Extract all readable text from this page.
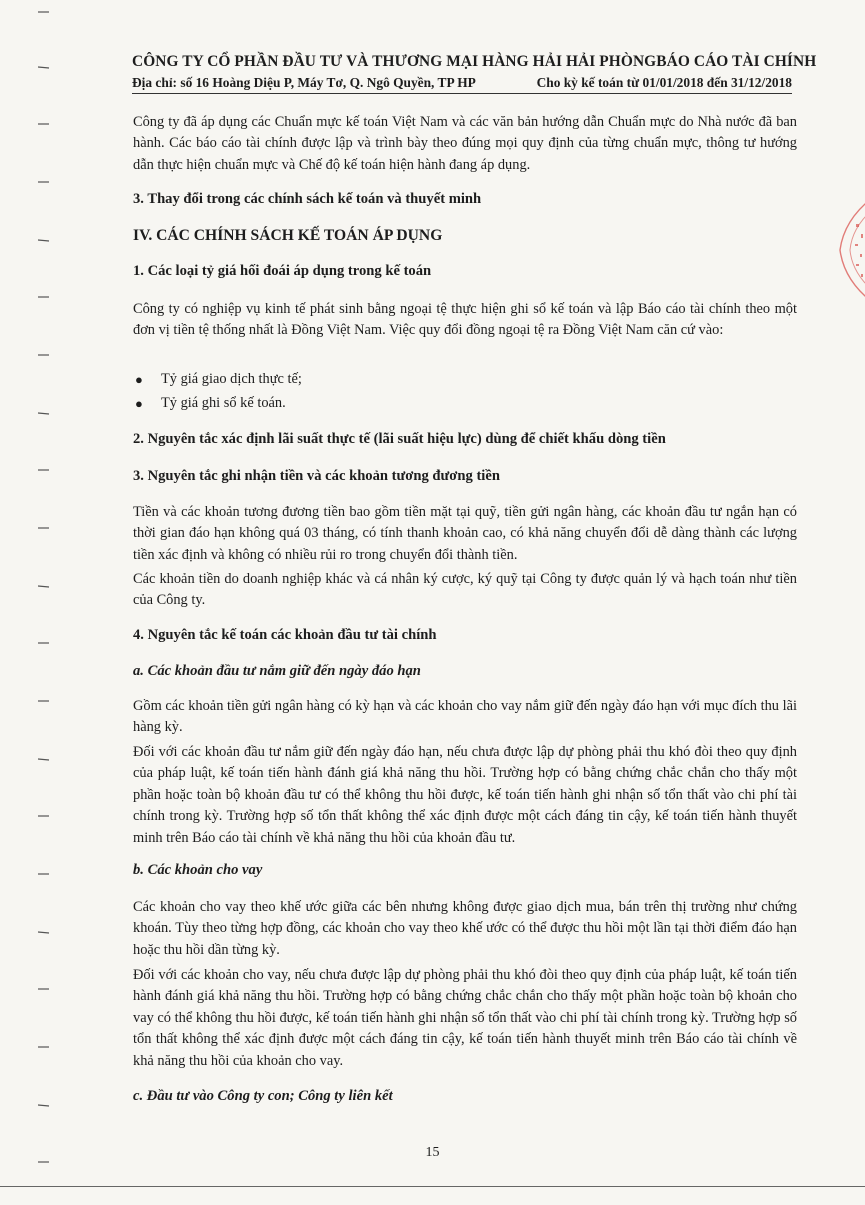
CÔNG TY CỔ PHẦN ĐẦU TƯ VÀ THƯƠNG MẠI HÀNG HẢI HẢI PHÒNG BÁO CÁO TÀI CHÍNH
Địa chỉ: số 16 Hoàng Diệu P, Máy Tơ, Q. Ngô Quyền, TP HP	Cho kỳ kế toán từ 01/01/2018 đến 31/12/2018

Công ty đã áp dụng các Chuẩn mực kế toán Việt Nam và các văn bản hướng dẫn Chuẩn mực do Nhà nước đã ban hành. Các báo cáo tài chính được lập và trình bày theo đúng mọi quy định của từng chuẩn mực, thông tư hướng dẫn thực hiện chuẩn mực và Chế độ kế toán hiện hành đang áp dụng.

3. Thay đổi trong các chính sách kế toán và thuyết minh
IV. CÁC CHÍNH SÁCH KẾ TOÁN ÁP DỤNG
1. Các loại tỷ giá hối đoái áp dụng trong kế toán

Công ty có nghiệp vụ kinh tế phát sinh bằng ngoại tệ thực hiện ghi sổ kế toán và lập Báo cáo tài chính theo một đơn vị tiền tệ thống nhất là Đồng Việt Nam. Việc quy đổi đồng ngoại tệ ra Đồng Việt Nam căn cứ vào:

● Tỷ giá giao dịch thực tế;
● Tỷ giá ghi sổ kế toán.
2. Nguyên tắc xác định lãi suất thực tế (lãi suất hiệu lực) dùng để chiết khấu dòng tiền
3. Nguyên tắc ghi nhận tiền và các khoản tương đương tiền

Tiền và các khoản tương đương tiền bao gồm tiền mặt tại quỹ, tiền gửi ngân hàng, các khoản đầu tư ngắn hạn có thời gian đáo hạn không quá 03 tháng, có tính thanh khoản cao, có khả năng chuyển đổi dễ dàng thành các lượng tiền xác định và không có nhiều rủi ro trong chuyển đổi thành tiền.

Các khoản tiền do doanh nghiệp khác và cá nhân ký cược, ký quỹ tại Công ty được quản lý và hạch toán như tiền của Công ty.

4. Nguyên tắc kế toán các khoản đầu tư tài chính
a. Các khoản đầu tư nắm giữ đến ngày đáo hạn

Gồm các khoản tiền gửi ngân hàng có kỳ hạn và các khoản cho vay nắm giữ đến ngày đáo hạn với mục đích thu lãi hàng kỳ.

Đối với các khoản đầu tư nắm giữ đến ngày đáo hạn, nếu chưa được lập dự phòng phải thu khó đòi theo quy định của pháp luật, kế toán tiến hành đánh giá khả năng thu hồi. Trường hợp có bằng chứng chắc chắn cho thấy một phần hoặc toàn bộ khoản đầu tư có thể không thu hồi được, kế toán tiến hành ghi nhận số tổn thất vào chi phí tài chính trong kỳ. Trường hợp số tổn thất không thể xác định được một cách đáng tin cậy, kế toán tiến hành thuyết minh trên Báo cáo tài chính về khả năng thu hồi của khoản đầu tư.

b. Các khoản cho vay

Các khoản cho vay theo khế ước giữa các bên nhưng không được giao dịch mua, bán trên thị trường như chứng khoán. Tùy theo từng hợp đồng, các khoản cho vay theo khế ước có thể được thu hồi một lần tại thời điểm đáo hạn hoặc thu hồi dần từng kỳ.

Đối với các khoản cho vay, nếu chưa được lập dự phòng phải thu khó đòi theo quy định của pháp luật, kế toán tiến hành đánh giá khả năng thu hồi. Trường hợp có bằng chứng chắc chắn cho thấy một phần hoặc toàn bộ khoản cho vay có thể không thu hồi được, kế toán tiến hành ghi nhận số tổn thất vào chi phí tài chính trong kỳ. Trường hợp số tổn thất không thể xác định được một cách đáng tin cậy, kế toán tiến hành thuyết minh trên Báo cáo tài chính về khả năng thu hồi của khoản cho vay.

c. Đầu tư vào Công ty con; Công ty liên kết
15
